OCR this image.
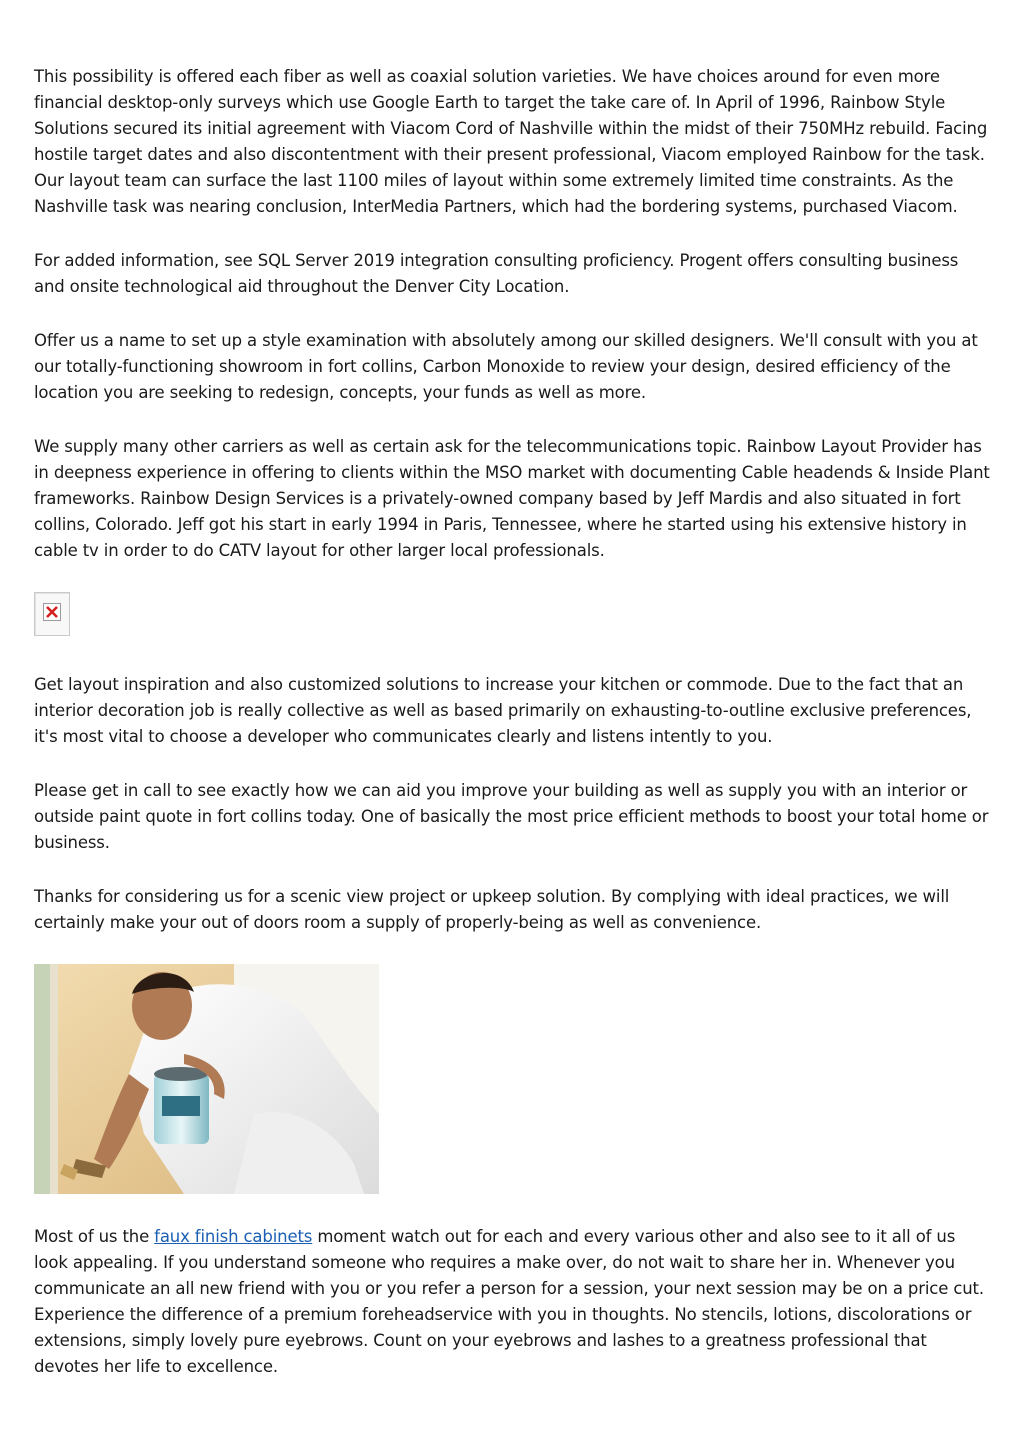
This possibility is offered each fiber as well as coaxial solution varieties. We have choices around for even more financial desktop-only surveys which use Google Earth to target the take care of. In April of 1996, Rainbow Style Solutions secured its initial agreement with Viacom Cord of Nashville within the midst of their 750MHz rebuild. Facing hostile target dates and also discontentment with their present professional, Viacom employed Rainbow for the task. Our layout team can surface the last 1100 miles of layout within some extremely limited time constraints. As the Nashville task was nearing conclusion, InterMedia Partners, which had the bordering systems, purchased Viacom.

For added information, see SQL Server 2019 integration consulting proficiency. Progent offers consulting business and onsite technological aid throughout the Denver City Location.

Offer us a name to set up a style examination with absolutely among our skilled designers. We'll consult with you at our totally-functioning showroom in fort collins, Carbon Monoxide to review your design, desired efficiency of the location you are seeking to redesign, concepts, your funds as well as more.

We supply many other carriers as well as certain ask for the telecommunications topic. Rainbow Layout Provider has in deepness experience in offering to clients within the MSO market with documenting Cable headends & Inside Plant frameworks. Rainbow Design Services is a privately-owned company based by Jeff Mardis and also situated in fort collins, Colorado. Jeff got his start in early 1994 in Paris, Tennessee, where he started using his extensive history in cable tv in order to do CATV layout for other larger local professionals.

Get layout inspiration and also customized solutions to increase your kitchen or commode. Due to the fact that an interior decoration job is really collective as well as based primarily on exhausting-to-outline exclusive preferences, it's most vital to choose a developer who communicates clearly and listens intently to you.

Please get in call to see exactly how we can aid you improve your building as well as supply you with an interior or outside paint quote in fort collins today. One of basically the most price efficient methods to boost your total home or business.

Thanks for considering us for a scenic view project or upkeep solution. By complying with ideal practices, we will certainly make your out of doors room a supply of properly-being as well as convenience.

Most of us the faux finish cabinets moment watch out for each and every various other and also see to it all of us look appealing. If you understand someone who requires a make over, do not wait to share her in. Whenever you communicate an all new friend with you or you refer a person for a session, your next session may be on a price cut. Experience the difference of a premium foreheadservice with you in thoughts. No stencils, lotions, discolorations or extensions, simply lovely pure eyebrows. Count on your eyebrows and lashes to a greatness professional that devotes her life to excellence.
